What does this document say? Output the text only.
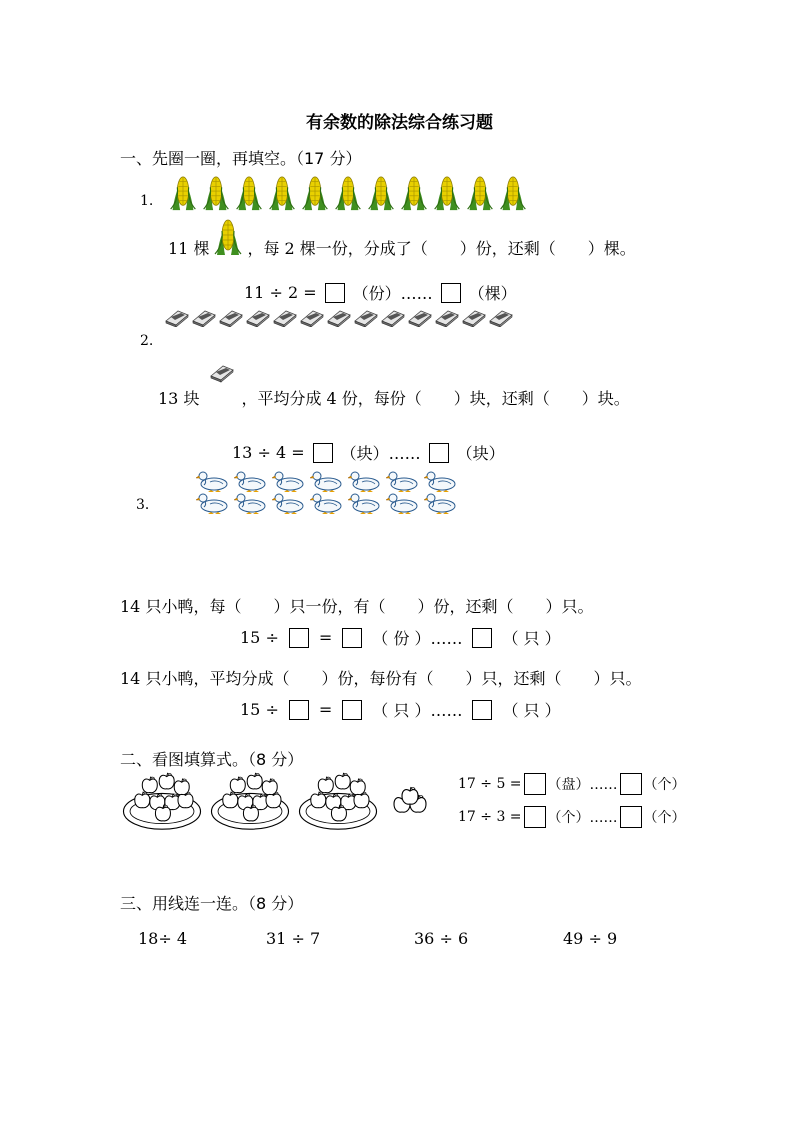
有余数的除法综合练习题
一、先圈一圈，再填空。（17 分）
1.
11 棵 ，每 2 棵一份，分成了（　　）份，还剩（　　）棵。
11 ÷ 2 = （份）…… （棵）
2.
13 块	，平均分成 4 份，每份（　　）块，还剩（　　）块。
13 ÷ 4 = （块）…… （块）
3．
14 只小鸭，每（　　）只一份，有（　　）份，还剩（　　）只。
15 ÷	=	（ 份 ）……	（ 只 ）
14 只小鸭，平均分成（　　）份，每份有（　　）只，还剩（　　）只。
15 ÷	=	（ 只 ）……	（ 只 ）
二、看图填算式。（8 分）
17 ÷ 5 = （盘）…… （个）
17 ÷ 3 = （个）…… （个）
三、用线连一连。（8 分）
18÷ 4	31 ÷ 7	36 ÷ 6	49 ÷ 9
